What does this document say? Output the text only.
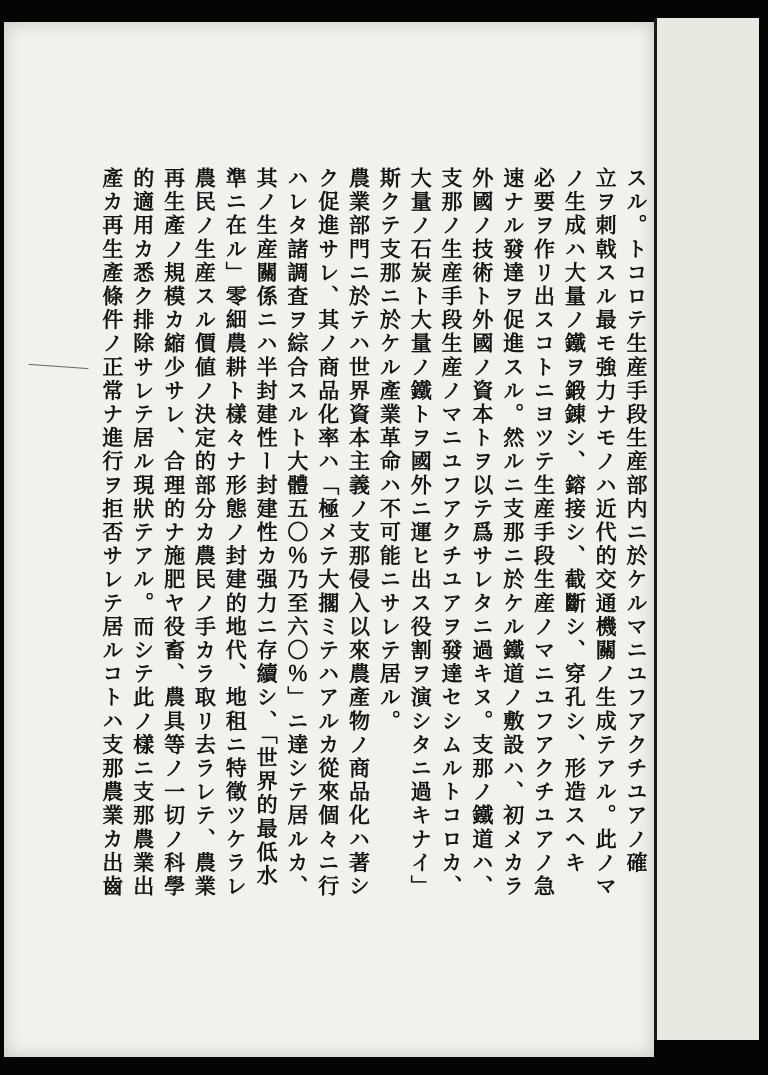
スル。トコロテ生産手段生産部内ニ於ケルマニユフアクチユアノ確
立ヲ刺戟スル最モ強力ナモノハ近代的交通機關ノ生成テアル。此ノマ
ノ生成ハ大量ノ鐵ヲ鍛錬シ、鎔接シ、截斷シ、穿孔シ、形造スヘキ
必要ヲ作リ出スコトニヨツテ生産手段生産ノマニユフアクチユアノ急
速ナル發達ヲ促進スル。然ルニ支那ニ於ケル鐵道ノ敷設ハ、初メカラ
外國ノ技術ト外國ノ資本トヲ以テ爲サレタニ過キヌ。支那ノ鐵道ハ、
支那ノ生産手段生産ノマニユフアクチユアヲ發達セシムルトコロカ、
大量ノ石炭ト大量ノ鐵トヲ國外ニ運ヒ出ス役割ヲ演シタニ過キナイ」
斯クテ支那ニ於ケル產業革命ハ不可能ニサレテ居ル。
農業部門ニ於テハ世界資本主義ノ支那侵入以來農產物ノ商品化ハ著シ
ク促進サレ、其ノ商品化率ハ「極メテ大擱ミテハアルカ從來個々ニ行
ハレタ諸調査ヲ綜合スルト大體五〇％乃至六〇％」ニ達シテ居ルカ、
其ノ生産關係ニハ半封建性ー封建性カ强力ニ存續シ、「世界的最低水
準ニ在ル」零細農耕ト樣々ナ形態ノ封建的地代、地租ニ特徵ツケラレ
農民ノ生産スル價値ノ決定的部分カ農民ノ手カラ取リ去ラレテ、農業
再生產ノ規模カ縮少サレ、合理的ナ施肥ヤ役畜、農具等ノ一切ノ科學
的適用カ悉ク排除サレテ居ル現狀テアル。而シテ此ノ樣ニ支那農業出
產カ再生產條件ノ正常ナ進行ヲ拒否サレテ居ルコトハ支那農業カ出齒
